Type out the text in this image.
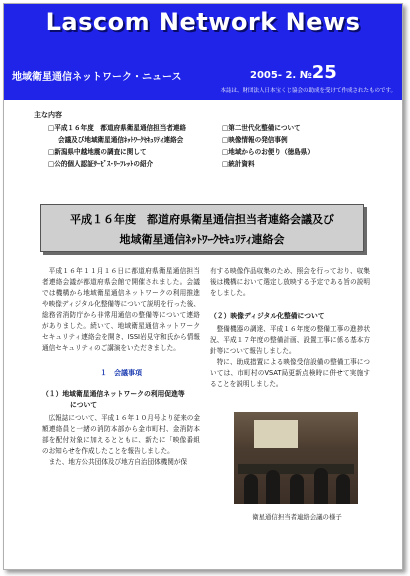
Lascom Network News
地域衛星通信ネットワーク・ニュース	2005- 2. №25
本誌は、財団法人日本宝くじ協会の助成を受けて作成されたものです。
主な内容
□平成１６年度　都道府県衛星通信担当者連絡
会議及び地域衛星通信ﾈｯﾄﾜｰｸｾｷｭﾘﾃｨ連絡会
□新潟県中越地震の調査に関して
□公的個人認証ｻｰﾋﾞｽ･ﾘｰﾌﾚｯﾄの紹介
□第二世代化整備について
□映像情報の発信事例
□地域からのお便り（徳島県）
□統計資料
平成１６年度　都道府県衛星通信担当者連絡会議及び
地域衛星通信ﾈｯﾄﾜｰｸｾｷｭﾘﾃｨ連絡会

平成１６年１１月１６日に都道府県衛星通信担当者連絡会議が都道府県会館で開催されました。会議では機構から地域衛星通信ネットワークの利用推進や映像ディジタル化整備等について説明を行った後、総務省消防庁から非常用通信の整備等について連絡がありました。続いて、地域衛星通信ネットワークセキュリティ連絡会を開き、ISSI岩見守和氏から情報通信セキュリティのご講演をいただきました。

１　会議事項
（１）地域衛星通信ネットワークの利用促進等
について

広報誌について、平成１６年１０月号より従来の金額連絡員と一緒の消防本部から金市町村、金消防本部を配付対象に加えるとともに、新たに「映像番組のお知らせを作成したことを報告しました。

また、地方公共団体及び地方自治団体機関が保

有する映像作品収集のため、照会を行っており、収集後は機構において選定し放映する予定である旨の説明をしました。

（２）映像ディジタル化整備について

整備機器の調達、平成１６年度の整備工事の進捗状況、平成１７年度の整備計画、設置工事に係る基本方針等について報告しました。

特に、助成措置による映像受信設備の整備工事については、市町村のVSAT局更新点検時に併せて実施することを説明しました。

衛星通信担当者連絡会議の様子
